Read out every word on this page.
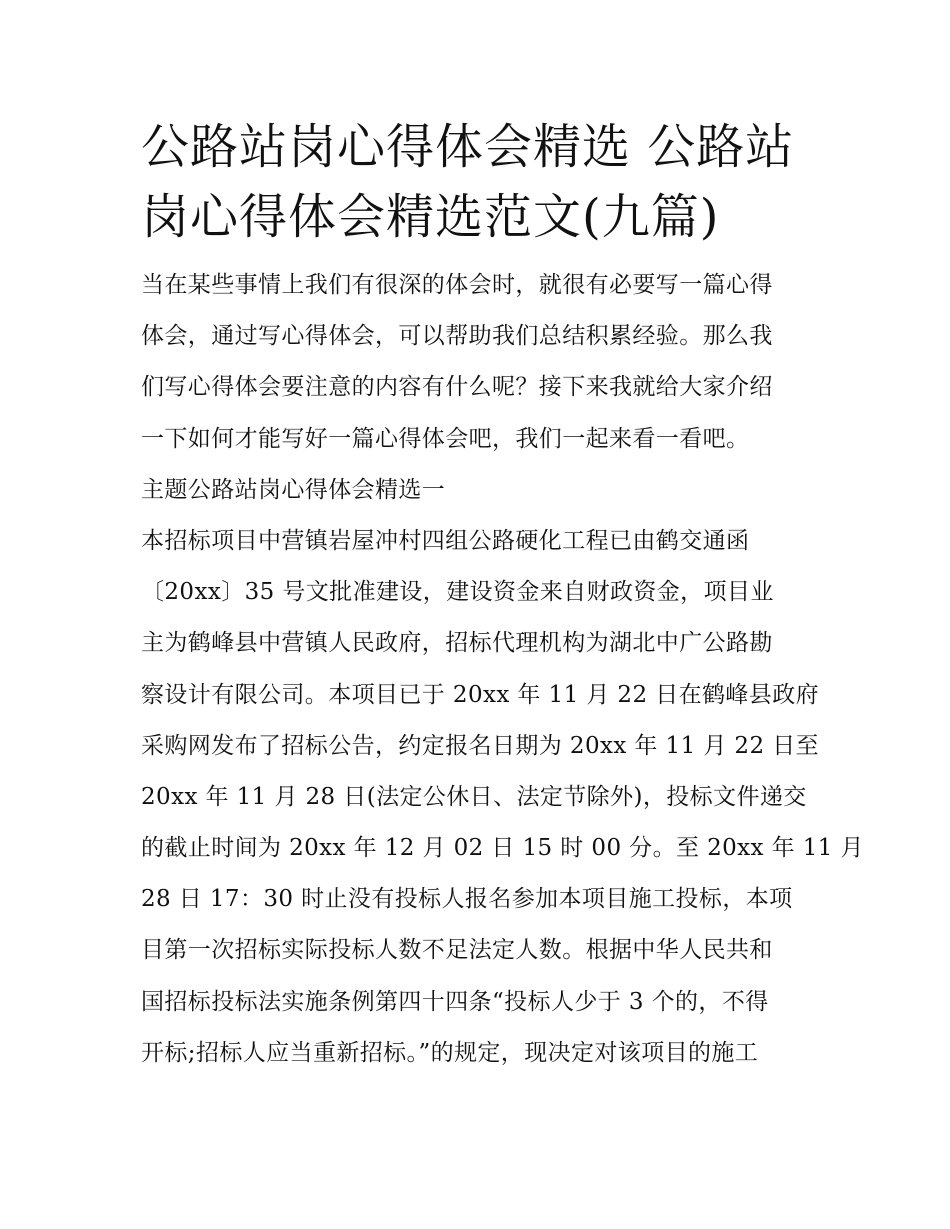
公路站岗心得体会精选 公路站
岗心得体会精选范文(九篇)
当在某些事情上我们有很深的体会时，就很有必要写一篇心得
体会，通过写心得体会，可以帮助我们总结积累经验。那么我
们写心得体会要注意的内容有什么呢？接下来我就给大家介绍
一下如何才能写好一篇心得体会吧，我们一起来看一看吧。
主题公路站岗心得体会精选一
本招标项目中营镇岩屋冲村四组公路硬化工程已由鹤交通函
〔20xx〕35 号文批准建设，建设资金来自财政资金，项目业
主为鹤峰县中营镇人民政府，招标代理机构为湖北中广公路勘
察设计有限公司。本项目已于 20xx 年 11 月 22 日在鹤峰县政府
采购网发布了招标公告，约定报名日期为 20xx 年 11 月 22 日至
20xx 年 11 月 28 日(法定公休日、法定节除外)，投标文件递交
的截止时间为 20xx 年 12 月 02 日 15 时 00 分。至 20xx 年 11 月
28 日 17：30 时止没有投标人报名参加本项目施工投标，本项
目第一次招标实际投标人数不足法定人数。根据中华人民共和
国招标投标法实施条例第四十四条“投标人少于 3 个的，不得
开标;招标人应当重新招标。”的规定，现决定对该项目的施工
